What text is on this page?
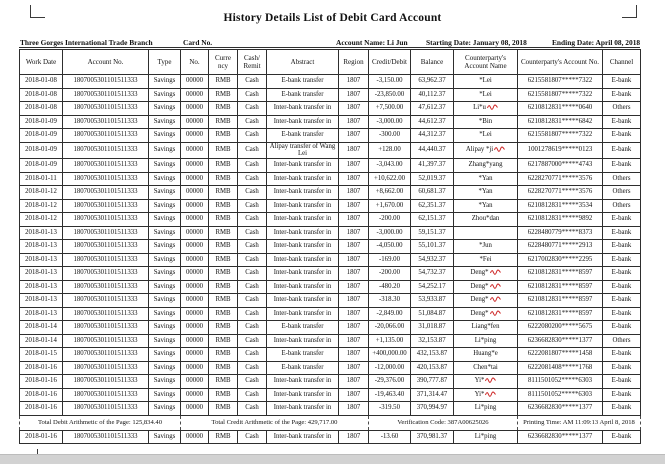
History Details List of Debit Card Account
Three Gorges International Trade Branch	Card No.	Account Name: Li Jun Starting Date: January 08, 2018	Ending Date: April 08, 2018
Work Date	Account No.	Type	No.	Curre ncy	Cash/ Remit	Abstract	Region	Credit/Debit	Balance	Counterparty's Account Name	Counterparty's Account No.	Channel
2018-01-08	1807005301101511333	Savings	00000	RMB	Cash	E-bank transfer	1807	-3,150.00	63,962.37	*Lei	6215581807*****7322	E-bank
2018-01-08	1807005301101511333	Savings	00000	RMB	Cash	E-bank transfer	1807	-23,850.00	40,112.37	*Lei	6215581807*****7322	E-bank
2018-01-08	1807005301101511333	Savings	00000	RMB	Cash	Inter-bank transfer in	1807	+7,500.00	47,612.37	Li*u	6210812831*****0640	Others
2018-01-09	1807005301101511333	Savings	00000	RMB	Cash	Inter-bank transfer in	1807	-3,000.00	44,612.37	*Bin	6210812831*****6842	E-bank
2018-01-09	1807005301101511333	Savings	00000	RMB	Cash	E-bank transfer	1807	-300.00	44,312.37	*Lei	6215581807*****7322	E-bank
2018-01-09	1807005301101511333	Savings	00000	RMB	Cash	Alipay transfer of Wang Lei	1807	+128.00	44,440.37	Alipay *ji	1001278619*****0123	E-bank
2018-01-09	1807005301101511333	Savings	00000	RMB	Cash	Inter-bank transfer in	1807	-3,043.00	41,397.37	Zhang*yang	6217887000*****4743	E-bank
2018-01-11	1807005301101511333	Savings	00000	RMB	Cash	Inter-bank transfer in	1807	+10,622.00	52,019.37	*Yan	6228270771*****3576	Others
2018-01-12	1807005301101511333	Savings	00000	RMB	Cash	Inter-bank transfer in	1807	+8,662.00	60,681.37	*Yan	6228270771*****3576	Others
2018-01-12	1807005301101511333	Savings	00000	RMB	Cash	Inter-bank transfer in	1807	+1,670.00	62,351.37	*Yan	6210812831*****3534	Others
2018-01-12	1807005301101511333	Savings	00000	RMB	Cash	Inter-bank transfer in	1807	-200.00	62,151.37	Zhou*dan	6210812831*****9892	E-bank
2018-01-13	1807005301101511333	Savings	00000	RMB	Cash	Inter-bank transfer in	1807	-3,000.00	59,151.37		6228480779*****8373	E-bank
2018-01-13	1807005301101511333	Savings	00000	RMB	Cash	Inter-bank transfer in	1807	-4,050.00	55,101.37	*Jun	6228480771*****2913	E-bank
2018-01-13	1807005301101511333	Savings	00000	RMB	Cash	Inter-bank transfer in	1807	-169.00	54,932.37	*Fei	6217002830*****2295	E-bank
2018-01-13	1807005301101511333	Savings	00000	RMB	Cash	Inter-bank transfer in	1807	-200.00	54,732.37	Deng*	6210812831*****8597	E-bank
2018-01-13	1807005301101511333	Savings	00000	RMB	Cash	Inter-bank transfer in	1807	-480.20	54,252.17	Deng*	6210812831*****8597	E-bank
2018-01-13	1807005301101511333	Savings	00000	RMB	Cash	Inter-bank transfer in	1807	-318.30	53,933.87	Deng*	6210812831*****8597	E-bank
2018-01-13	1807005301101511333	Savings	00000	RMB	Cash	Inter-bank transfer in	1807	-2,849.00	51,084.87	Deng*	6210812831*****8597	E-bank
2018-01-14	1807005301101511333	Savings	00000	RMB	Cash	E-bank transfer	1807	-20,066.00	31,018.87	Liang*fen	6222080200*****5675	E-bank
2018-01-14	1807005301101511333	Savings	00000	RMB	Cash	Inter-bank transfer in	1807	+1,135.00	32,153.87	Li*ping	6236682830*****1377	Others
2018-01-15	1807005301101511333	Savings	00000	RMB	Cash	E-bank transfer	1807	+400,000.00	432,153.87	Huang*e	6222081807*****1458	E-bank
2018-01-16	1807005301101511333	Savings	00000	RMB	Cash	E-bank transfer	1807	-12,000.00	420,153.87	Chen*tai	6222081408*****1768	E-bank
2018-01-16	1807005301101511333	Savings	00000	RMB	Cash	Inter-bank transfer in	1807	-29,376.00	390,777.87	Yi*	8111501052*****6303	E-bank
2018-01-16	1807005301101511333	Savings	00000	RMB	Cash	Inter-bank transfer in	1807	-19,463.40	371,314.47	Yi*	8111501052*****6303	E-bank
2018-01-16	1807005301101511333	Savings	00000	RMB	Cash	Inter-bank transfer in	1807	-319.50	370,994.97	Li*ping	6236682830*****1377	E-bank
Total Debit Arithmetic of the Page: 125,834.40			Total Credit Arithmetic of the Page: 429,717.00					Verification Code: 387A00625026			Printing Time: AM 11:09:13 April 8, 2018	
2018-01-16	1807005301101511333	Savings	00000	RMB	Cash	Inter-bank transfer in	1807	-13.60	370,981.37	Li*ping	6236682830*****1377	E-bank
